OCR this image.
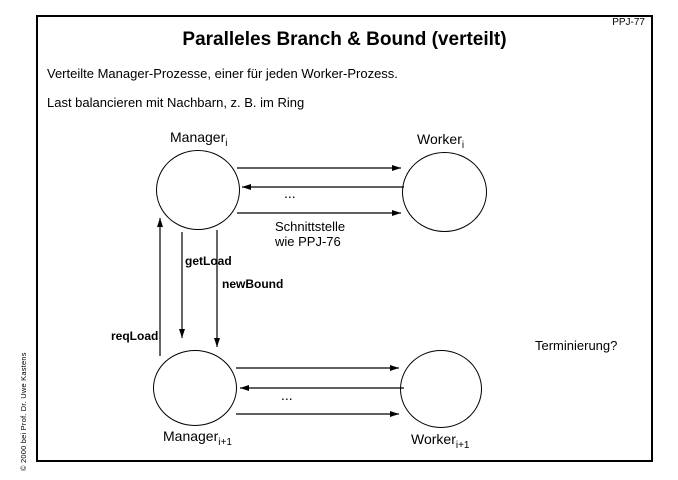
PPJ-77
Paralleles Branch & Bound (verteilt)
Verteilte Manager-Prozesse, einer für jeden Worker-Prozess.
Last balancieren mit Nachbarn, z. B. im Ring
Manager$_i$	Worker$_i$
Manager$_{i+1}$	Worker$_{i+1}$
getLoad
newBound
reqLoad
...
...
Schnittstelle
wie PPJ-76
Terminierung?
© 2000 bei Prof. Dr. Uwe Kastens
